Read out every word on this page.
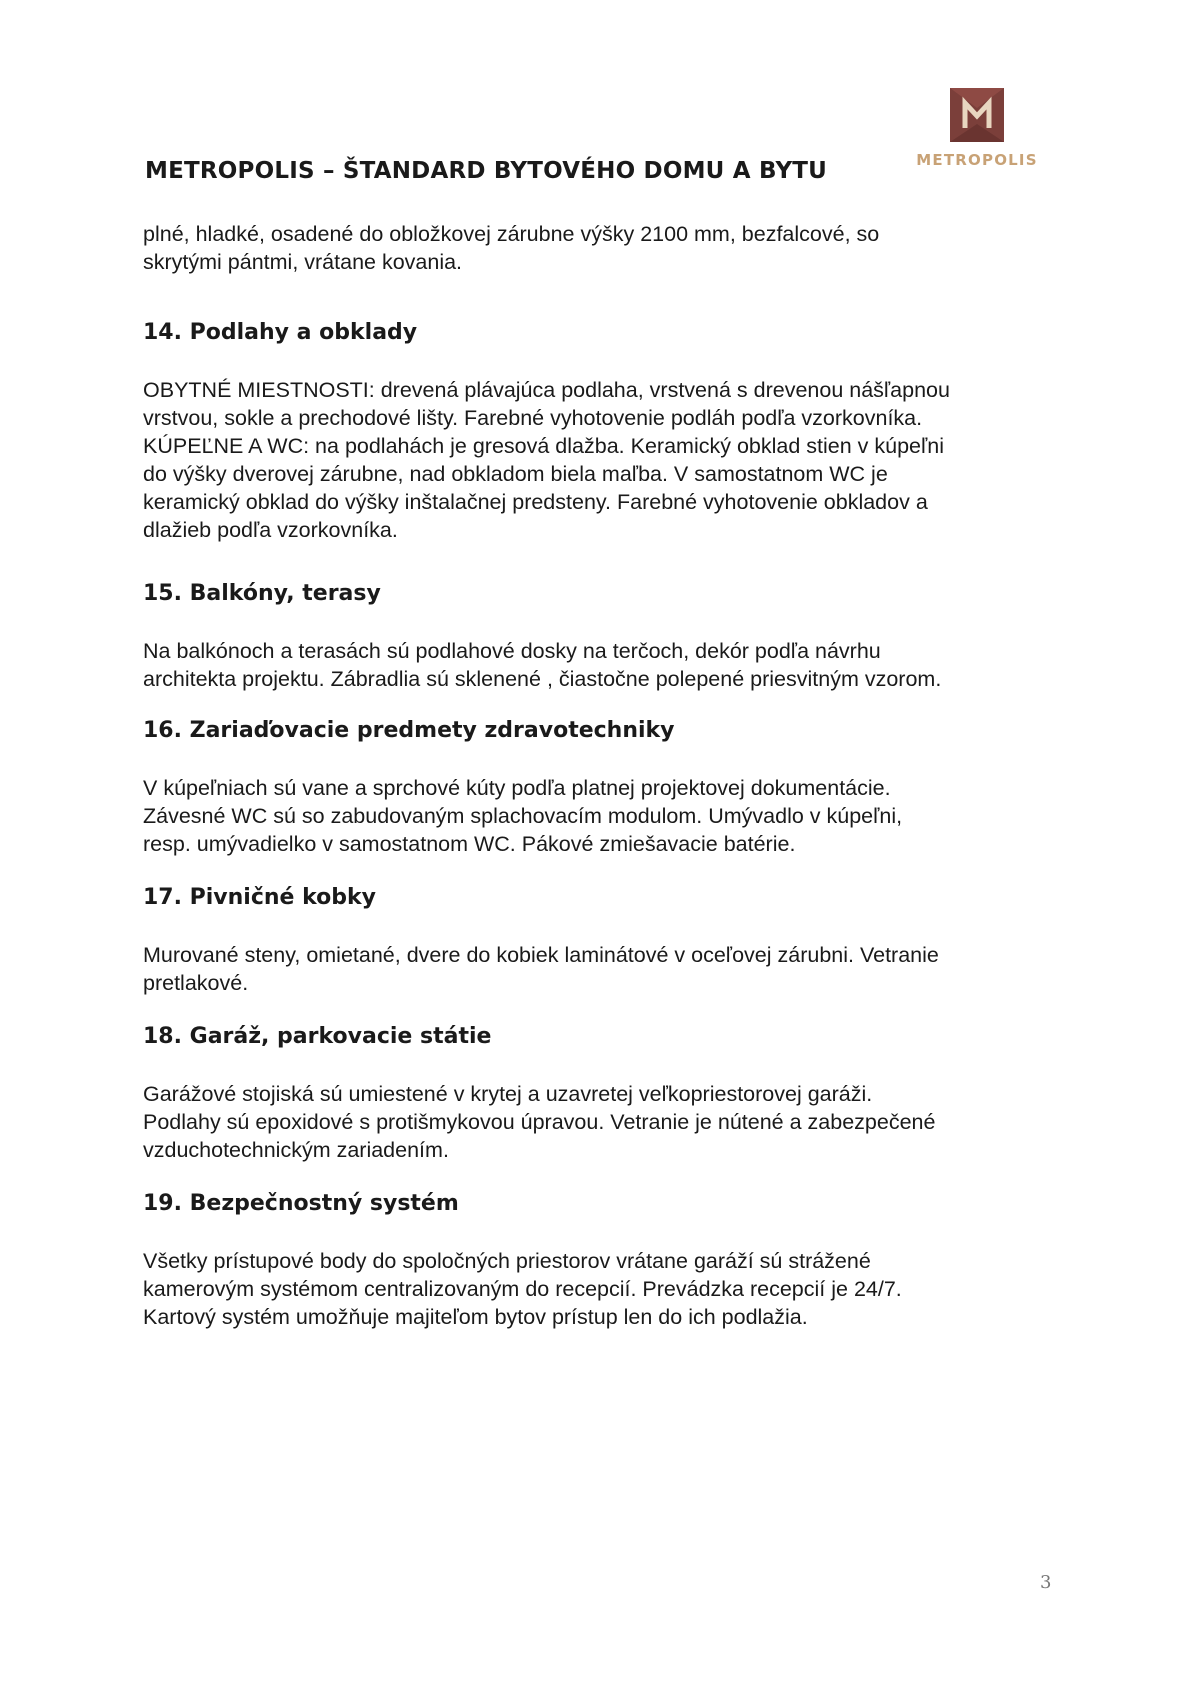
METROPOLIS
METROPOLIS – ŠTANDARD BYTOVÉHO DOMU A BYTU

plné, hladké, osadené do obložkovej zárubne výšky 2100 mm, bezfalcové, so
skrytými pántmi, vrátane kovania.

14. Podlahy a obklady

OBYTNÉ MIESTNOSTI: drevená plávajúca podlaha, vrstvená s drevenou nášľapnou
vrstvou, sokle a prechodové lišty. Farebné vyhotovenie podláh podľa vzorkovníka.
KÚPEĽNE A WC: na podlahách je gresová dlažba. Keramický obklad stien v kúpeľni
do výšky dverovej zárubne, nad obkladom biela maľba. V samostatnom WC je
keramický obklad do výšky inštalačnej predsteny. Farebné vyhotovenie obkladov a
dlažieb podľa vzorkovníka.

15. Balkóny, terasy

Na balkónoch a terasách sú podlahové dosky na terčoch, dekór podľa návrhu
architekta projektu. Zábradlia sú sklenené , čiastočne polepené priesvitným vzorom.

16. Zariaďovacie predmety zdravotechniky

V kúpeľniach sú vane a sprchové kúty podľa platnej projektovej dokumentácie.
Závesné WC sú so zabudovaným splachovacím modulom. Umývadlo v kúpeľni,
resp. umývadielko v samostatnom WC. Pákové zmiešavacie batérie.

17. Pivničné kobky

Murované steny, omietané, dvere do kobiek laminátové v oceľovej zárubni. Vetranie
pretlakové.

18. Garáž, parkovacie státie

Garážové stojiská sú umiestené v krytej a uzavretej veľkopriestorovej garáži.
Podlahy sú epoxidové s protišmykovou úpravou. Vetranie je nútené a zabezpečené
vzduchotechnickým zariadením.

19. Bezpečnostný systém

Všetky prístupové body do spoločných priestorov vrátane garáží sú strážené
kamerovým systémom centralizovaným do recepcií. Prevádzka recepcií je 24/7.
Kartový systém umožňuje majiteľom bytov prístup len do ich podlažia.

3
